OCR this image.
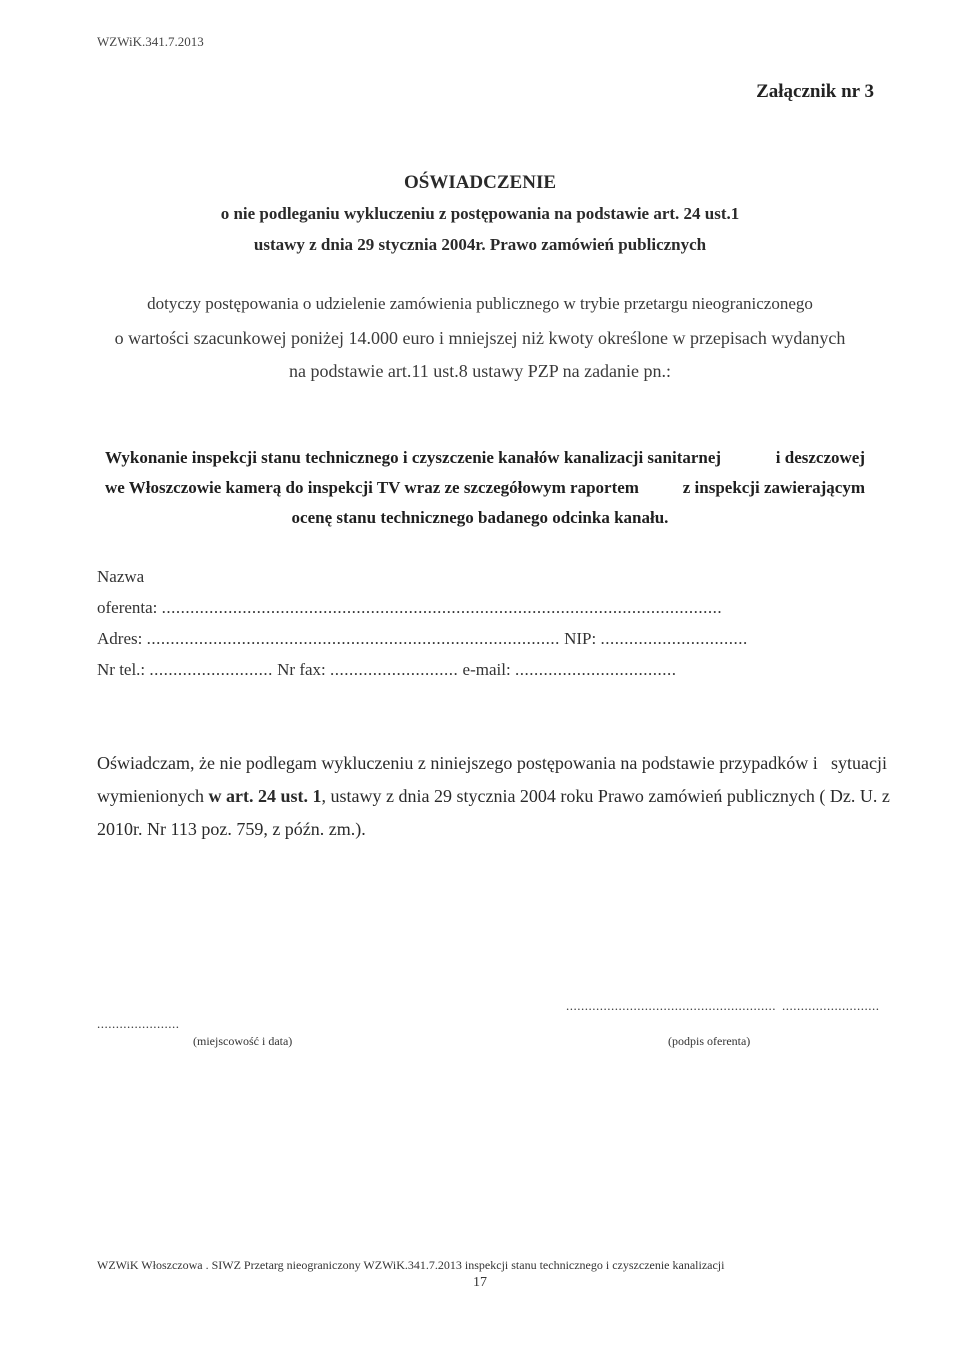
WZWiK.341.7.2013
Załącznik nr 3
OŚWIADCZENIE
o nie podleganiu wykluczeniu z postępowania na podstawie art. 24 ust.1
ustawy z dnia 29 stycznia 2004r. Prawo zamówień publicznych
dotyczy postępowania o udzielenie zamówienia publicznego w trybie przetargu nieograniczonego
o wartości szacunkowej poniżej 14.000 euro i mniejszej niż kwoty określone w przepisach wydanych
na podstawie art.11 ust.8 ustawy PZP na zadanie pn.:
Wykonanie inspekcji stanu technicznego i czyszczenie kanałów kanalizacji sanitarnej	i deszczowej
we Włoszczowie kamerą do inspekcji TV wraz ze szczegółowym raportem	z inspekcji zawierającym
ocenę stanu technicznego badanego odcinka kanału.
Nazwa
oferenta: ......................................................................................................................
Adres: ....................................................................................... NIP: ...............................
Nr tel.: .......................... Nr fax: ........................... e-mail: ..................................
Oświadczam, że nie podlegam wykluczeniu z niniejszego postępowania na podstawie przypadków i sytuacji
wymienionych w art. 24 ust. 1, ustawy z dnia 29 stycznia 2004 roku Prawo zamówień publicznych ( Dz. U. z
2010r. Nr 113 poz. 759, z późn. zm.).
......................
........................................................ ..........................
(miejscowość i data)	(podpis oferenta)
WZWiK Włoszczowa . SIWZ Przetarg nieograniczony WZWiK.341.7.2013 inspekcji stanu technicznego i czyszczenie kanalizacji
17
